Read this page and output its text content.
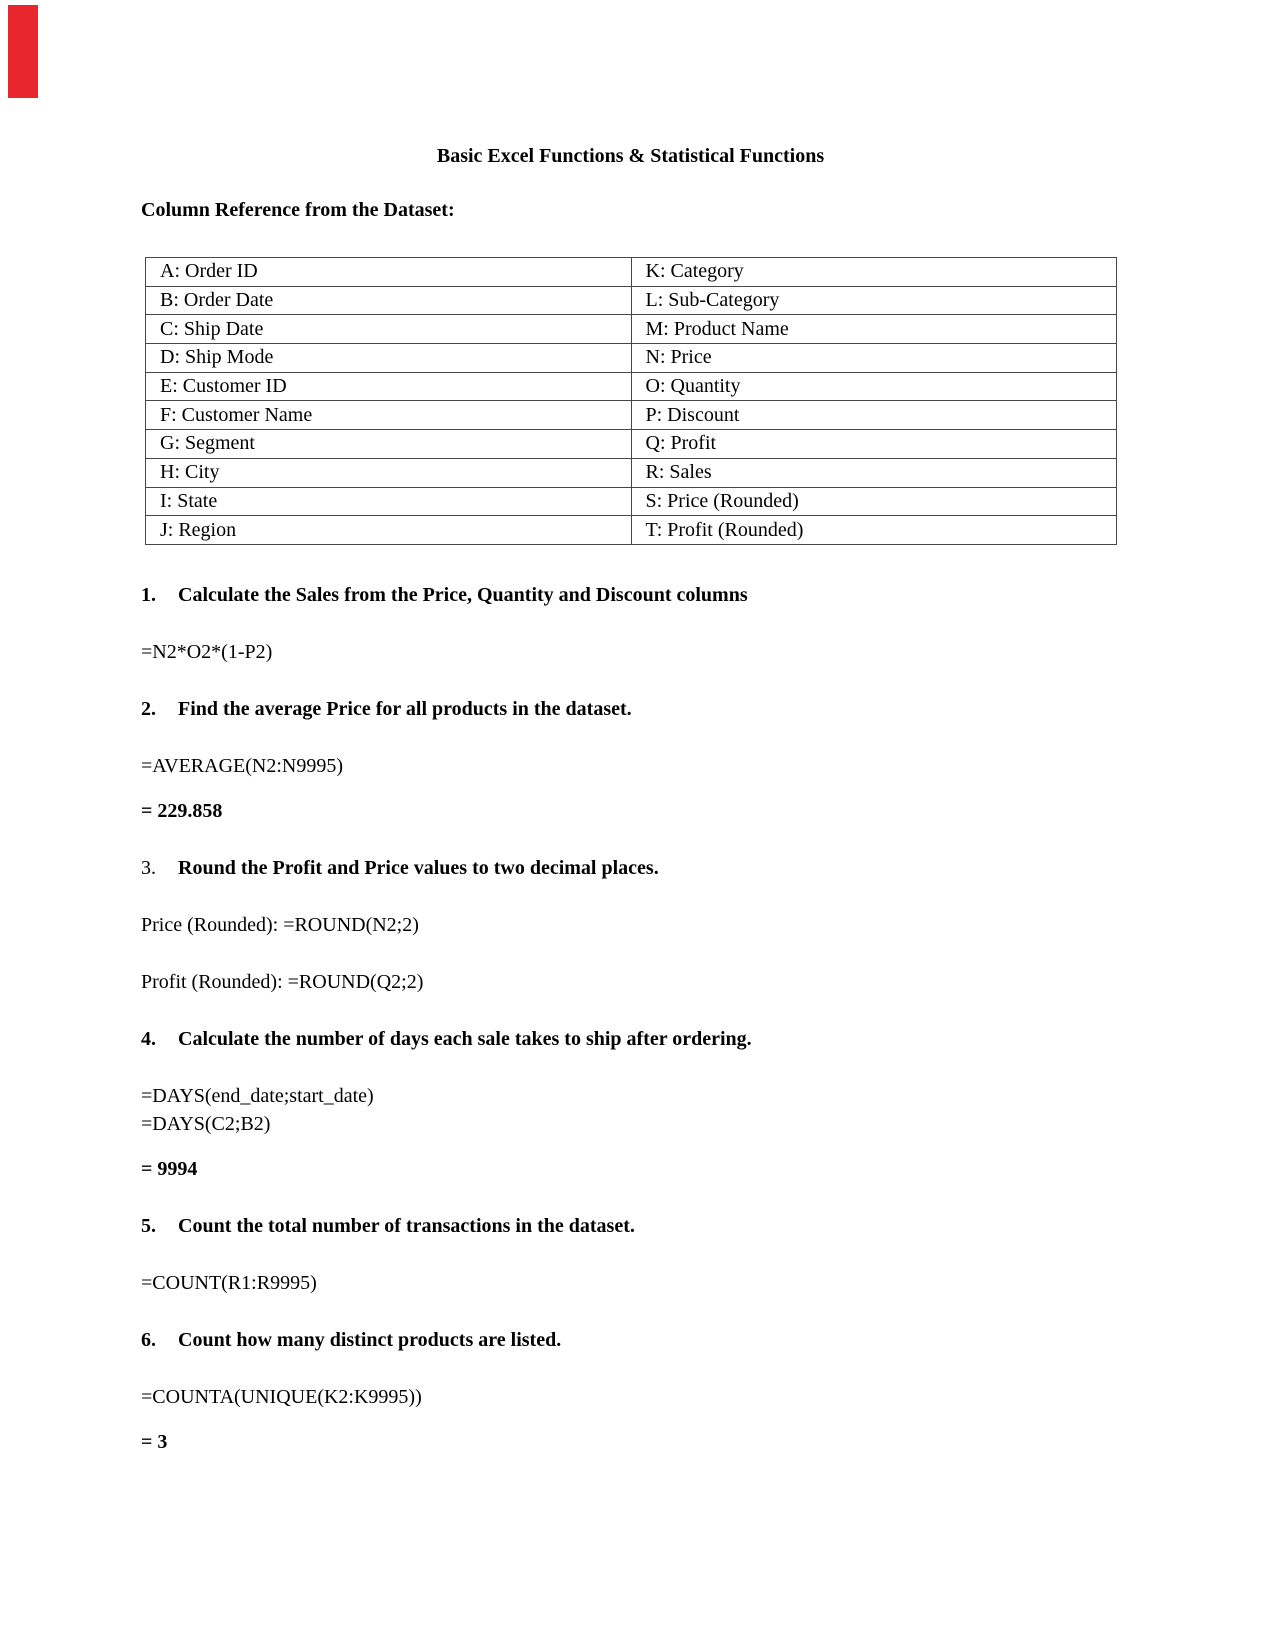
Basic Excel Functions & Statistical Functions
Column Reference from the Dataset:
A: Order ID	K: Category
B: Order Date	L: Sub-Category
C: Ship Date	M: Product Name
D: Ship Mode	N: Price
E: Customer ID	O: Quantity
F: Customer Name	P: Discount
G: Segment	Q: Profit
H: City	R: Sales
I: State	S: Price (Rounded)
J: Region	T: Profit (Rounded)
1. Calculate the Sales from the Price, Quantity and Discount columns
=N2*O2*(1-P2)
2. Find the average Price for all products in the dataset.
=AVERAGE(N2:N9995)
= 229.858
3. Round the Profit and Price values to two decimal places.
Price (Rounded): =ROUND(N2;2)
Profit (Rounded): =ROUND(Q2;2)
4. Calculate the number of days each sale takes to ship after ordering.
=DAYS(end_date;start_date)
=DAYS(C2;B2)
= 9994
5. Count the total number of transactions in the dataset.
=COUNT(R1:R9995)
6. Count how many distinct products are listed.
=COUNTA(UNIQUE(K2:K9995))
= 3
